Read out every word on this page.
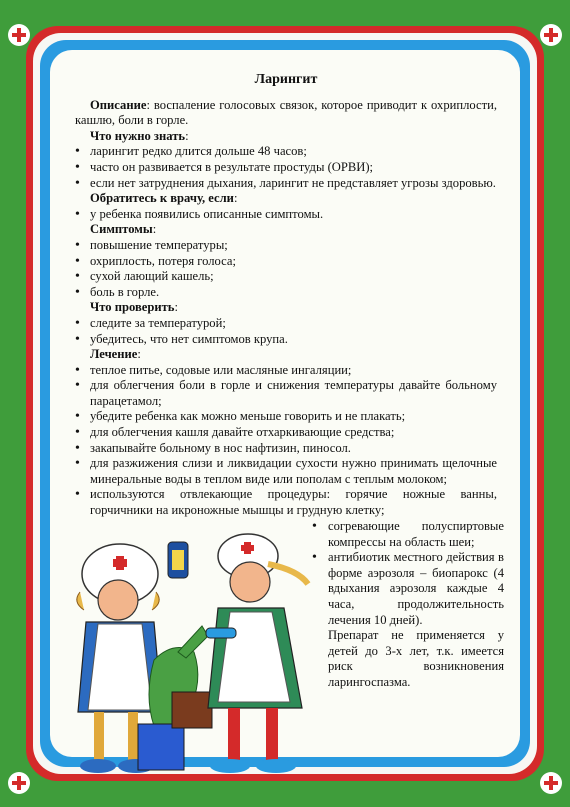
Ларингит

Описание: воспаление голосовых связок, которое приводит к охриплости, кашлю, боли в горле.

Что нужно знать:

• ларингит редко длится дольше 48 часов;
• часто он развивается в результате простуды (ОРВИ);
• если нет затруднения дыхания, ларингит не представляет угрозы здоровью.

Обратитесь к врачу, если:

• у ребенка появились описанные симптомы.

Симптомы:

• повышение температуры;
• охриплость, потеря голоса;
• сухой лающий кашель;
• боль в горле.

Что проверить:

• следите за температурой;
• убедитесь, что нет симптомов крупа.

Лечение:

• теплое питье, содовые или масляные ингаляции;
• для облегчения боли в горле и снижения температуры давайте больному парацетамол;
• убедите ребенка как можно меньше говорить и не плакать;
• для облегчения кашля давайте отхаркивающие средства;
• закапывайте больному в нос нафтизин, пиносол.
• для разжижения слизи и ликвидации сухости нужно принимать щелочные минеральные воды в теплом виде или пополам с теплым молоком;
• используются отвлекающие процедуры: горячие ножные ванны, горчичники на икроножные мышцы и грудную клетку;
• согревающие полуспиртовые компрессы на область шеи;
• антибиотик местного действия в форме аэрозоля – биопарокс (4 вдыхания аэрозоля каждые 4 часа, продолжительность лечения 10 дней).

Препарат не применяется у детей до 3-х лет, т.к. имеется риск возникновения ларингоспазма.
